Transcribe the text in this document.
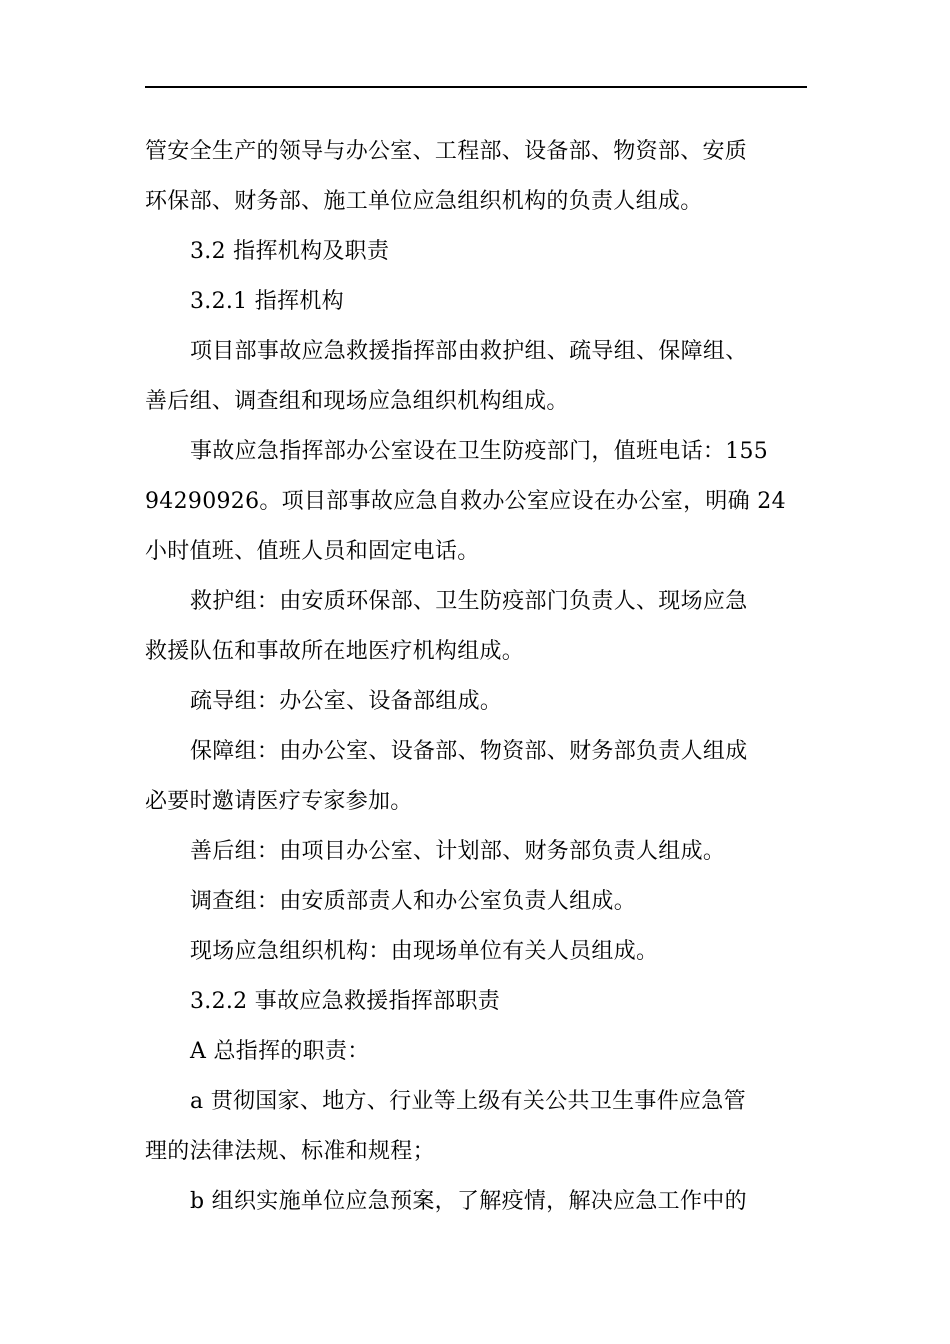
管安全生产的领导与办公室、工程部、设备部、物资部、安质

环保部、财务部、施工单位应急组织机构的负责人组成。

3.2 指挥机构及职责

3.2.1 指挥机构

项目部事故应急救援指挥部由救护组、疏导组、保障组、

善后组、调查组和现场应急组织机构组成。

事故应急指挥部办公室设在卫生防疫部门，值班电话：155

94290926。项目部事故应急自救办公室应设在办公室，明确 24

小时值班、值班人员和固定电话。

救护组：由安质环保部、卫生防疫部门负责人、现场应急

救援队伍和事故所在地医疗机构组成。

疏导组：办公室、设备部组成。

保障组：由办公室、设备部、物资部、财务部负责人组成

必要时邀请医疗专家参加。

善后组：由项目办公室、计划部、财务部负责人组成。

调查组：由安质部责人和办公室负责人组成。

现场应急组织机构：由现场单位有关人员组成。

3.2.2 事故应急救援指挥部职责

A 总指挥的职责：

a 贯彻国家、地方、行业等上级有关公共卫生事件应急管

理的法律法规、标准和规程；

b 组织实施单位应急预案，了解疫情，解决应急工作中的
